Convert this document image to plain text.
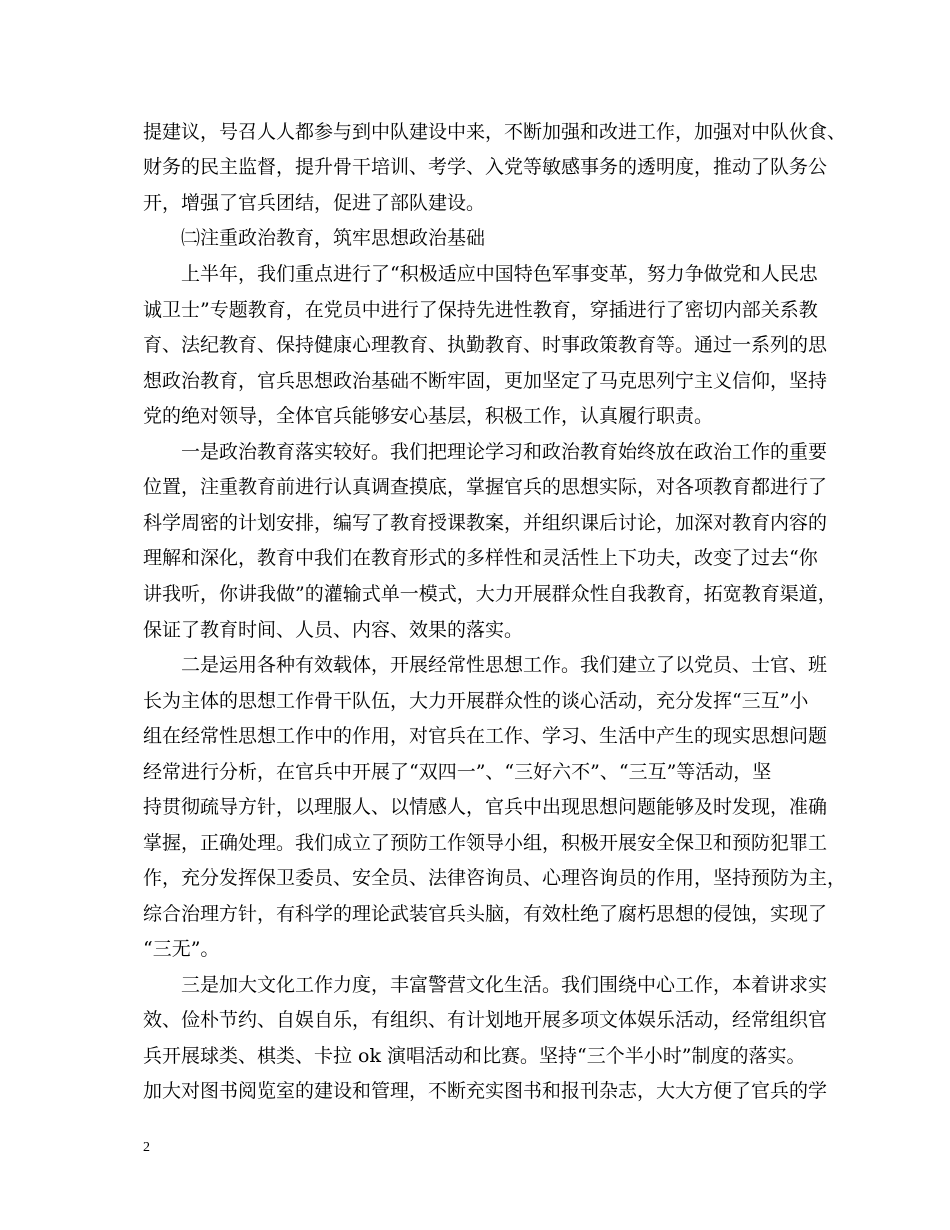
提建议，号召人人都参与到中队建设中来，不断加强和改进工作，加强对中队伙食、
财务的民主监督，提升骨干培训、考学、入党等敏感事务的透明度，推动了队务公
开，增强了官兵团结，促进了部队建设。
㈡注重政治教育，筑牢思想政治基础
上半年，我们重点进行了“积极适应中国特色军事变革，努力争做党和人民忠
诚卫士”专题教育，在党员中进行了保持先进性教育，穿插进行了密切内部关系教
育、法纪教育、保持健康心理教育、执勤教育、时事政策教育等。通过一系列的思
想政治教育，官兵思想政治基础不断牢固，更加坚定了马克思列宁主义信仰，坚持
党的绝对领导，全体官兵能够安心基层，积极工作，认真履行职责。
一是政治教育落实较好。我们把理论学习和政治教育始终放在政治工作的重要
位置，注重教育前进行认真调查摸底，掌握官兵的思想实际，对各项教育都进行了
科学周密的计划安排，编写了教育授课教案，并组织课后讨论，加深对教育内容的
理解和深化，教育中我们在教育形式的多样性和灵活性上下功夫，改变了过去“你
讲我听，你讲我做”的灌输式单一模式，大力开展群众性自我教育，拓宽教育渠道，
保证了教育时间、人员、内容、效果的落实。
二是运用各种有效载体，开展经常性思想工作。我们建立了以党员、士官、班
长为主体的思想工作骨干队伍，大力开展群众性的谈心活动，充分发挥“三互”小
组在经常性思想工作中的作用，对官兵在工作、学习、生活中产生的现实思想问题
经常进行分析，在官兵中开展了“双四一”、“三好六不”、“三互”等活动，坚
持贯彻疏导方针，以理服人、以情感人，官兵中出现思想问题能够及时发现，准确
掌握，正确处理。我们成立了预防工作领导小组，积极开展安全保卫和预防犯罪工
作，充分发挥保卫委员、安全员、法律咨询员、心理咨询员的作用，坚持预防为主，
综合治理方针，有科学的理论武装官兵头脑，有效杜绝了腐朽思想的侵蚀，实现了
“三无”。
三是加大文化工作力度，丰富警营文化生活。我们围绕中心工作，本着讲求实
效、俭朴节约、自娱自乐，有组织、有计划地开展多项文体娱乐活动，经常组织官
兵开展球类、棋类、卡拉 ok 演唱活动和比赛。坚持“三个半小时”制度的落实。
加大对图书阅览室的建设和管理，不断充实图书和报刊杂志，大大方便了官兵的学
2
